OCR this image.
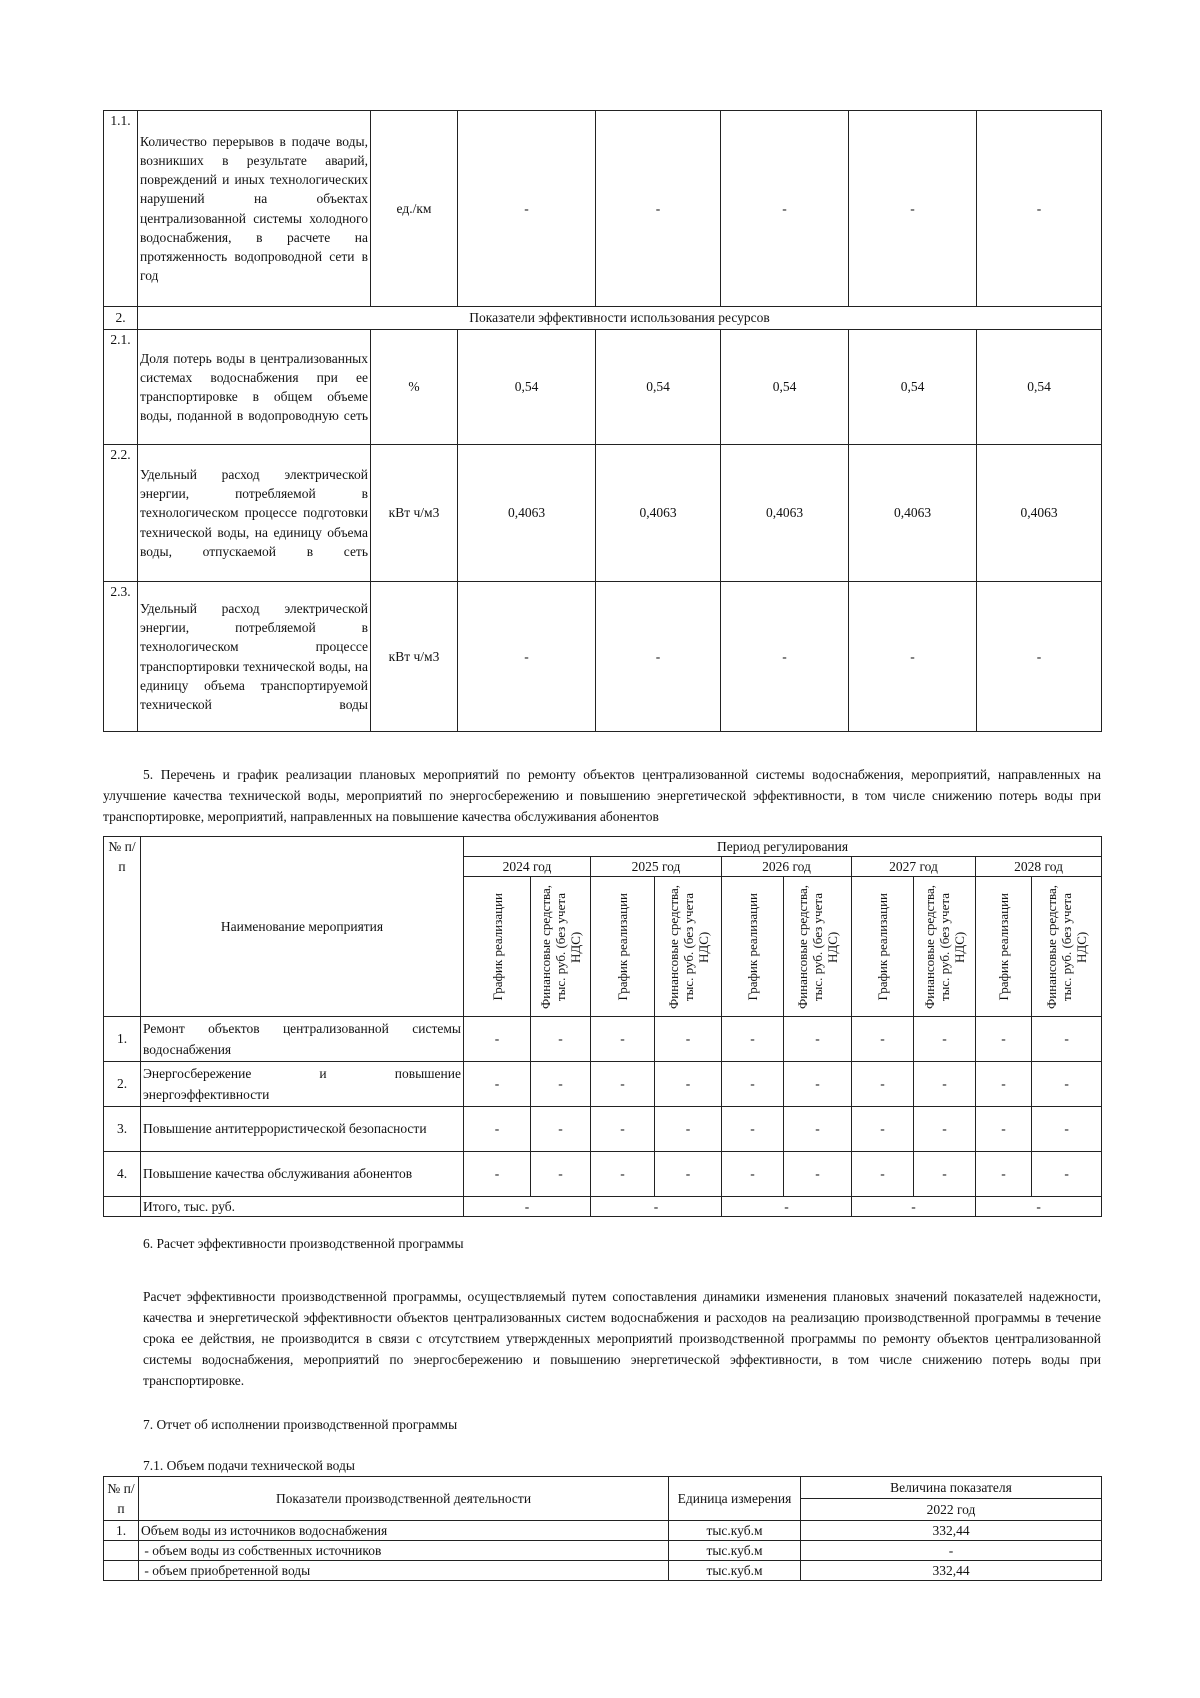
1.1.	Количество перерывов в подаче воды, возникших в результате аварий, повреждений и иных технологических нарушений на объектах централизованной системы холодного водоснабжения, в расчете на протяженность водопроводной сети в год	ед./км	-	-	-	-	-
2.	Показатели эффективности использования ресурсов						
2.1.	Доля потерь воды в централизованных системах водоснабжения при ее транспортировке в общем объеме воды, поданной в водопроводную сеть	%	0,54	0,54	0,54	0,54	0,54
2.2.	Удельный расход электрической энергии, потребляемой в технологическом процессе подготовки технической воды, на единицу объема воды, отпускаемой в сеть	кВт ч/м3	0,4063	0,4063	0,4063	0,4063	0,4063
2.3.	Удельный расход электрической энергии, потребляемой в технологическом процессе транспортировки технической воды, на единицу объема транспортируемой технической воды	кВт ч/м3	-	-	-	-	-
5. Перечень и график реализации плановых мероприятий по ремонту объектов централизованной системы водоснабжения, мероприятий, направленных на улучшение качества технической воды, мероприятий по энергосбережению и повышению энергетической эффективности, в том числе снижению потерь воды при транспортировке, мероприятий, направленных на повышение качества обслуживания абонентов
№ п/п	Наименование мероприятия	Период регулирования									
		2024 год		2025 год		2026 год		2027 год		2028 год	

		График реализации	Финансовые средства, тыс. руб. (без учета НДС)	График реализации	Финансовые средства, тыс. руб. (без учета НДС)	График реализации	Финансовые средства, тыс. руб. (без учета НДС)	График реализации	Финансовые средства, тыс. руб. (без учета НДС)	График реализации	Финансовые средства, тыс. руб. (без учета НДС)

1.	Ремонт объектов централизованной системы водоснабжения	-	-	-	-	-	-	-	-	-	-
2.	Энергосбережение и повышение энергоэффективности	-	-	-	-	-	-	-	-	-	-
3.	Повышение антитеррористической безопасности	-	-	-	-	-	-	-	-	-	-
4.	Повышение качества обслуживания абонентов	-	-	-	-	-	-	-	-	-	-
	Итого, тыс. руб.	-		-		-		-		-	
6. Расчет эффективности производственной программы
Расчет эффективности производственной программы, осуществляемый путем сопоставления динамики изменения плановых значений показателей надежности, качества и энергетической эффективности объектов централизованных систем водоснабжения и расходов на реализацию производственной программы в течение срока ее действия, не производится в связи с отсутствием утвержденных мероприятий производственной программы по ремонту объектов централизованной системы водоснабжения, мероприятий по энергосбережению и повышению энергетической эффективности, в том числе снижению потерь воды при транспортировке.
7. Отчет об исполнении производственной программы
7.1. Объем подачи технической воды
№ п/п	Показатели производственной деятельности	Единица измерения	Величина показателя
			2022 год
1.	Объем воды из источников водоснабжения	тыс.куб.м	332,44
	- объем воды из собственных источников	тыс.куб.м	-
	- объем приобретенной воды	тыс.куб.м	332,44
